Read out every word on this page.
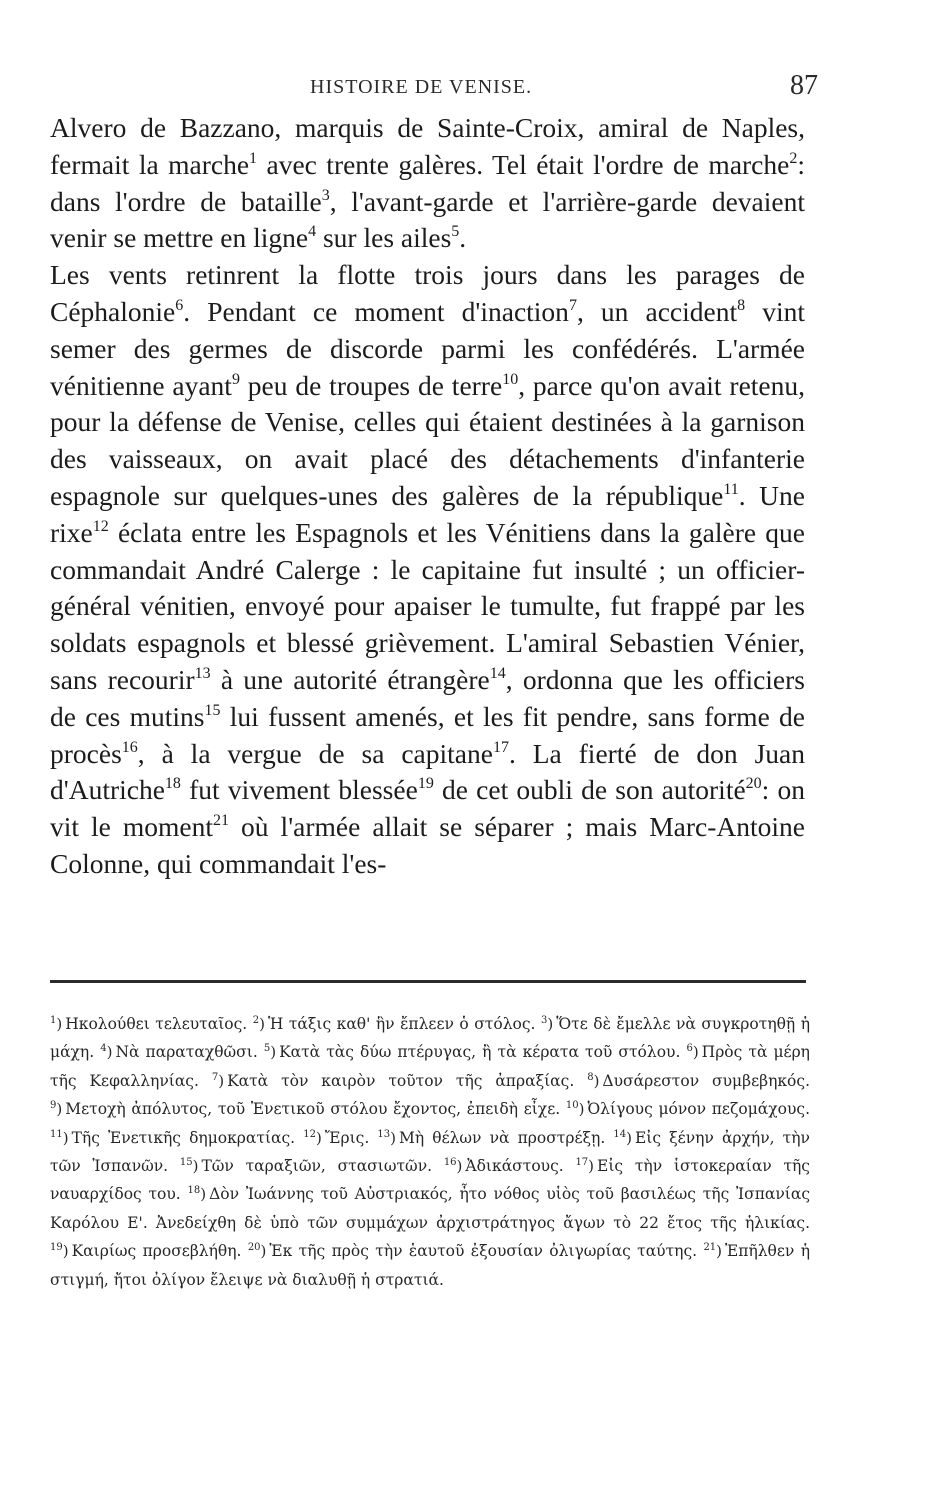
HISTOIRE DE VENISE.	87

Alvero de Bazzano, marquis de Sainte-Croix, amiral de Naples, fermait la marche$^1$ avec trente galères. Tel était l'ordre de marche$^2$: dans l'ordre de bataille$^3$, l'avant-garde et l'arrière-garde devaient venir se mettre en ligne$^4$ sur les ailes$^5$.

Les vents retinrent la flotte trois jours dans les parages de Céphalonie$^6$. Pendant ce moment d'inaction$^7$, un accident$^8$ vint semer des germes de discorde parmi les confédérés. L'armée vénitienne ayant$^9$ peu de troupes de terre$^{10}$, parce qu'on avait retenu, pour la défense de Venise, celles qui étaient destinées à la garnison des vaisseaux, on avait placé des détachements d'infanterie espagnole sur quelques-unes des galères de la république$^{11}$. Une rixe$^{12}$ éclata entre les Espagnols et les Vénitiens dans la galère que commandait André Calerge : le capitaine fut insulté ; un officier-général vénitien, envoyé pour apaiser le tumulte, fut frappé par les soldats espagnols et blessé grièvement. L'amiral Sebastien Vénier, sans recourir$^{13}$ à une autorité étrangère$^{14}$, ordonna que les officiers de ces mutins$^{15}$ lui fussent amenés, et les fit pendre, sans forme de procès$^{16}$, à la vergue de sa capitane$^{17}$. La fierté de don Juan d'Autriche$^{18}$ fut vivement blessée$^{19}$ de cet oubli de son autorité$^{20}$: on vit le moment$^{21}$ où l'armée allait se séparer ; mais Marc-Antoine Colonne, qui commandait l'es-

$^1$ ) Ηκολούθει τελευταῖος. $^2$ ) Ἡ τάξις καθ' ἣν ἔπλεεν ὁ στόλος. $^3$ ) Ὅτε δὲ ἔμελλε νὰ συγκροτηθῇ ἡ μάχη. $^4$ ) Νὰ παραταχθῶσι. $^5$ ) Κατὰ τὰς δύω πτέρυγας, ἢ τὰ κέρατα τοῦ στόλου. $^6$ ) Πρὸς τὰ μέρη τῆς Κεφαλληνίας. $^7$ ) Κατὰ τὸν καιρὸν τοῦτον τῆς ἀπραξίας. $^8$ ) Δυσάρεστον συμβεβηκός. $^9$ ) Μετοχὴ ἀπόλυτος, τοῦ Ἐνετικοῦ στόλου ἔχοντος, ἐπειδὴ εἶχε. $^{10}$ ) Ὀλίγους μόνον πεζομάχους. $^{11}$ ) Τῆς Ἐνετικῆς δημοκρατίας. $^{12}$ ) Ἔρις. $^{13}$ ) Μὴ θέλων νὰ προστρέξῃ. $^{14}$ ) Εἰς ξένην ἀρχήν, τὴν τῶν Ἰσπανῶν. $^{15}$ ) Τῶν ταραξιῶν, στασιωτῶν. $^{16}$ ) Ἀδικάστους. $^{17}$ ) Εἰς τὴν ἱστοκεραίαν τῆς ναυαρχίδος του. $^{18}$ ) Δὸν Ἰωάννης τοῦ Αὐστριακός, ἦτο νόθος υἱὸς τοῦ βασιλέως τῆς Ἰσπανίας Καρόλου Ε'. Ἀνεδείχθη δὲ ὑπὸ τῶν συμμάχων ἀρχιστράτηγος ἄγων τὸ 22 ἔτος τῆς ἡλικίας. $^{19}$ ) Καιρίως προσεβλήθη. $^{20}$ ) Ἐκ τῆς πρὸς τὴν ἑαυτοῦ ἐξουσίαν ὀλιγωρίας ταύτης. $^{21}$ ) Ἐπῆλθεν ἡ στιγμή, ἤτοι ὀλίγον ἔλειψε νὰ διαλυθῇ ἡ στρατιά.
